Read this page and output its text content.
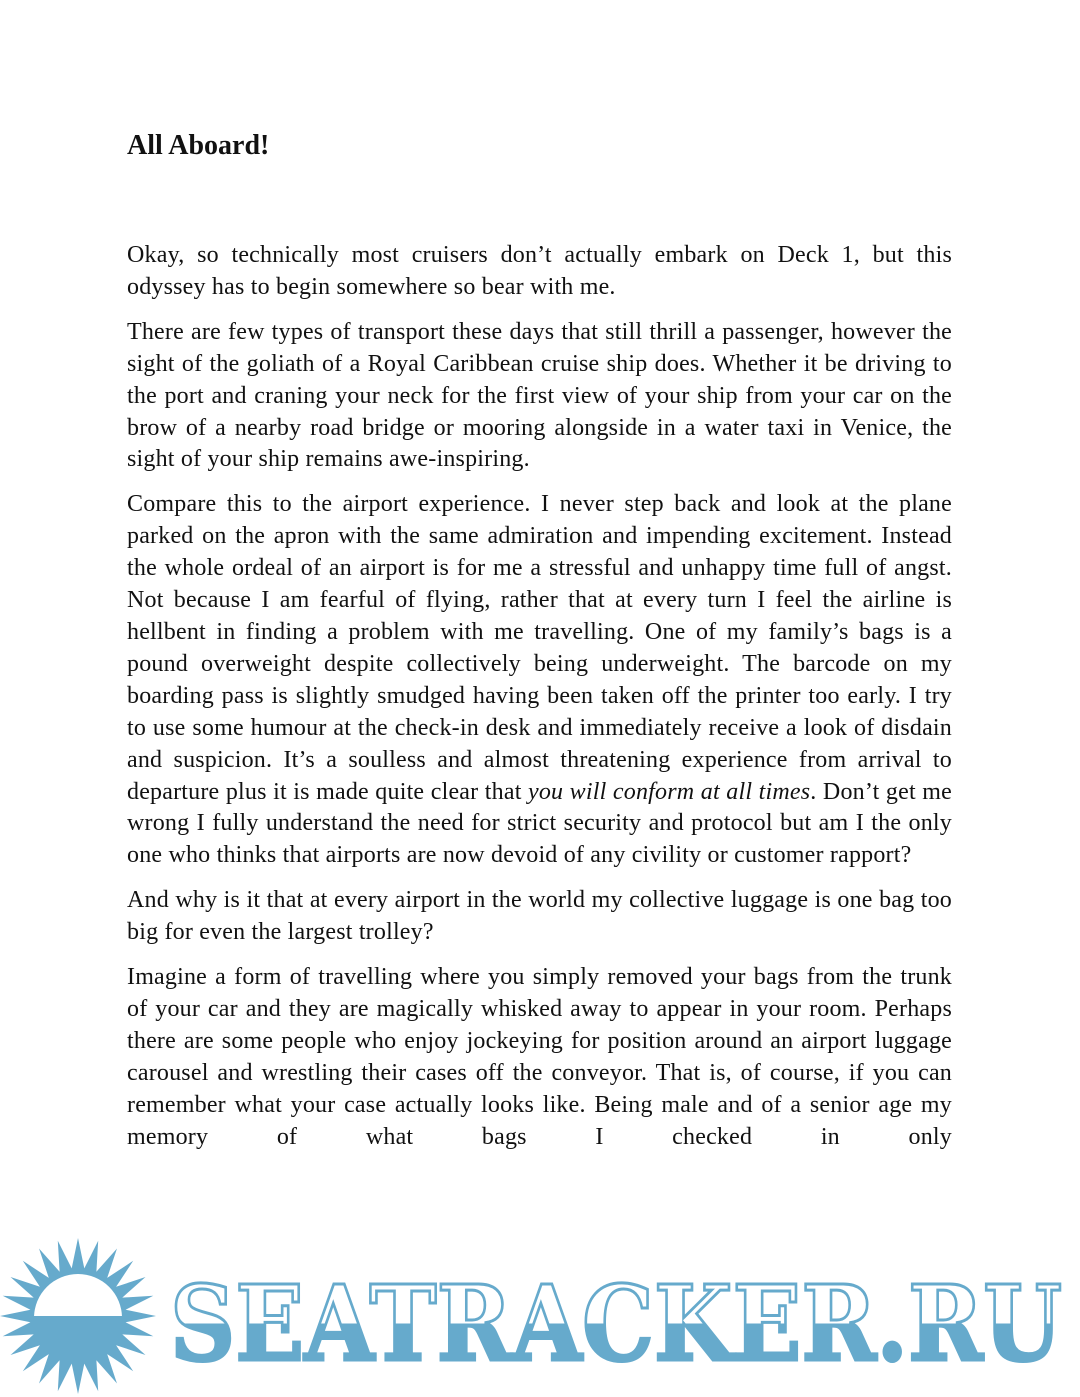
All Aboard!

Okay, so technically most cruisers don’t actually embark on Deck 1, but this odyssey has to begin somewhere so bear with me.

There are few types of transport these days that still thrill a passenger, however the sight of the goliath of a Royal Caribbean cruise ship does. Whether it be driving to the port and craning your neck for the first view of your ship from your car on the brow of a nearby road bridge or mooring alongside in a water taxi in Venice, the sight of your ship remains awe-inspiring.

Compare this to the airport experience. I never step back and look at the plane parked on the apron with the same admiration and impending excitement. Instead the whole ordeal of an airport is for me a stressful and unhappy time full of angst. Not because I am fearful of flying, rather that at every turn I feel the airline is hellbent in finding a problem with me travelling. One of my family’s bags is a pound overweight despite collectively being underweight. The barcode on my boarding pass is slightly smudged having been taken off the printer too early. I try to use some humour at the check-in desk and immediately receive a look of disdain and suspicion. It’s a soulless and almost threatening experience from arrival to departure plus it is made quite clear that you will conform at all times. Don’t get me wrong I fully understand the need for strict security and protocol but am I the only one who thinks that airports are now devoid of any civility or customer rapport?

And why is it that at every airport in the world my collective luggage is one bag too big for even the largest trolley?

Imagine a form of travelling where you simply removed your bags from the trunk of your car and they are magically whisked away to appear in your room. Perhaps there are some people who enjoy jockeying for position around an airport luggage carousel and wrestling their cases off the conveyor. That is, of course, if you can remember what your case actually looks like. Being male and of a senior age my memory of what bags I checked in only

SEATRACKER.RU
